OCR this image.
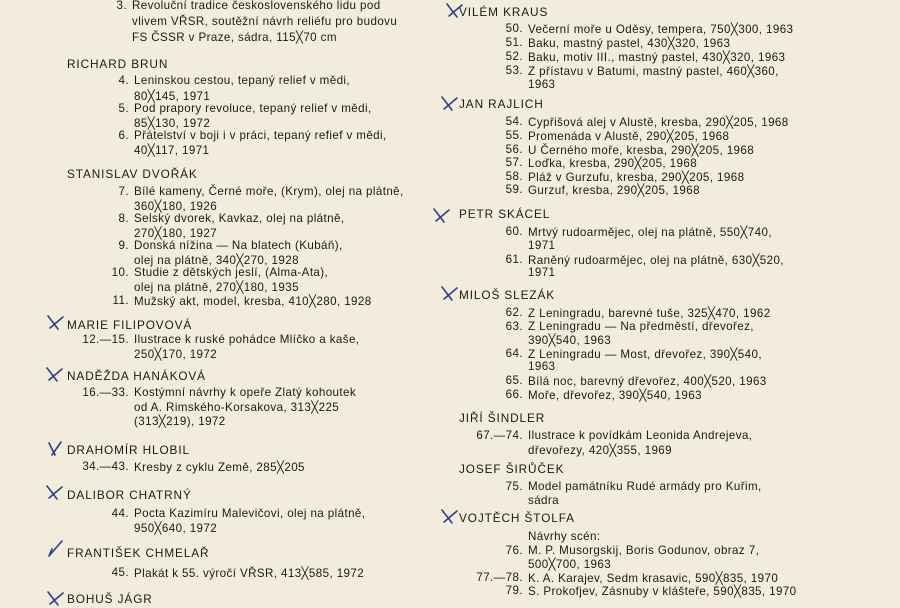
3. Revoluční tradice československého lidu pod
vlivem VŘSR, soutěžní návrh reliéfu pro budovu
FS ČSSR v Praze, sádra, 115╳70 cm
RICHARD BRUN
4. Leninskou cestou, tepaný relief v mědi,
80╳145, 1971
5. Pod prapory revoluce, tepaný relief v mědi,
85╳130, 1972
6. Přátelství v boji i v práci, tepaný refief v mědi,
40╳117, 1971
STANISLAV DVOŘÁK
7. Bílé kameny, Černé moře, (Krym), olej na plátně,
360╳180, 1926
8. Selský dvorek, Kavkaz, olej na plátně,
270╳180, 1927
9. Donská nížina — Na blatech (Kubáň),
olej na plátně, 340╳270, 1928
10. Studie z dětských jeslí, (Alma-Ata),
olej na plátně, 270╳180, 1935
11. Mužský akt, model, kresba, 410╳280, 1928
MARIE FILIPOVOVÁ
12.—15. Ilustrace k ruské pohádce Mlíčko a kaše,
250╳170, 1972
NADĚŽDA HANÁKOVÁ
16.—33. Kostýmní návrhy k opeře Zlatý kohoutek
od A. Rimského-Korsakova, 313╳225
(313╳219), 1972
DRAHOMÍR HLOBIL
34.—43. Kresby z cyklu Země, 285╳205
DALIBOR CHATRNÝ
44. Pocta Kazimíru Malevičovi, olej na plátně,
950╳640, 1972
FRANTIŠEK CHMELAŘ
45. Plakát k 55. výročí VŘSR, 413╳585, 1972
BOHUŠ JÁGR
VILÉM KRAUS
50. Večerní moře u Oděsy, tempera, 750╳300, 1963
51. Baku, mastný pastel, 430╳320, 1963
52. Baku, motiv III., mastný pastel, 430╳320, 1963
53. Z přístavu v Batumi, mastný pastel, 460╳360,
1963
JAN RAJLICH
54. Cypřišová alej v Alustě, kresba, 290╳205, 1968
55. Promenáda v Alustě, 290╳205, 1968
56. U Černého moře, kresba, 290╳205, 1968
57. Loďka, kresba, 290╳205, 1968
58. Pláž v Gurzufu, kresba, 290╳205, 1968
59. Gurzuf, kresba, 290╳205, 1968
PETR SKÁCEL
60. Mrtvý rudoarmějec, olej na plátně, 550╳740,
1971
61. Raněný rudoarmějec, olej na plátně, 630╳520,
1971
MILOŠ SLEZÁK
62. Z Leningradu, barevné tuše, 325╳470, 1962
63. Z Leningradu — Na předměstí, dřevořez,
390╳540, 1963
64. Z Leningradu — Most, dřevořez, 390╳540,
1963
65. Bílá noc, barevný dřevořez, 400╳520, 1963
66. Moře, dřevořez, 390╳540, 1963
JIŘÍ ŠINDLER
67.—74. Ilustrace k povídkám Leonida Andrejeva,
dřevořezy, 420╳355, 1969
JOSEF ŠIRŮČEK
75. Model památníku Rudé armády pro Kuřim,
sádra
VOJTĚCH ŠTOLFA
Návrhy scén:
76. M. P. Musorgskij, Boris Godunov, obraz 7,
500╳700, 1963
77.—78. K. A. Karajev, Sedm krasavic, 590╳835, 1970
79. S. Prokofjev, Zásnuby v klášteře, 590╳835, 1970
